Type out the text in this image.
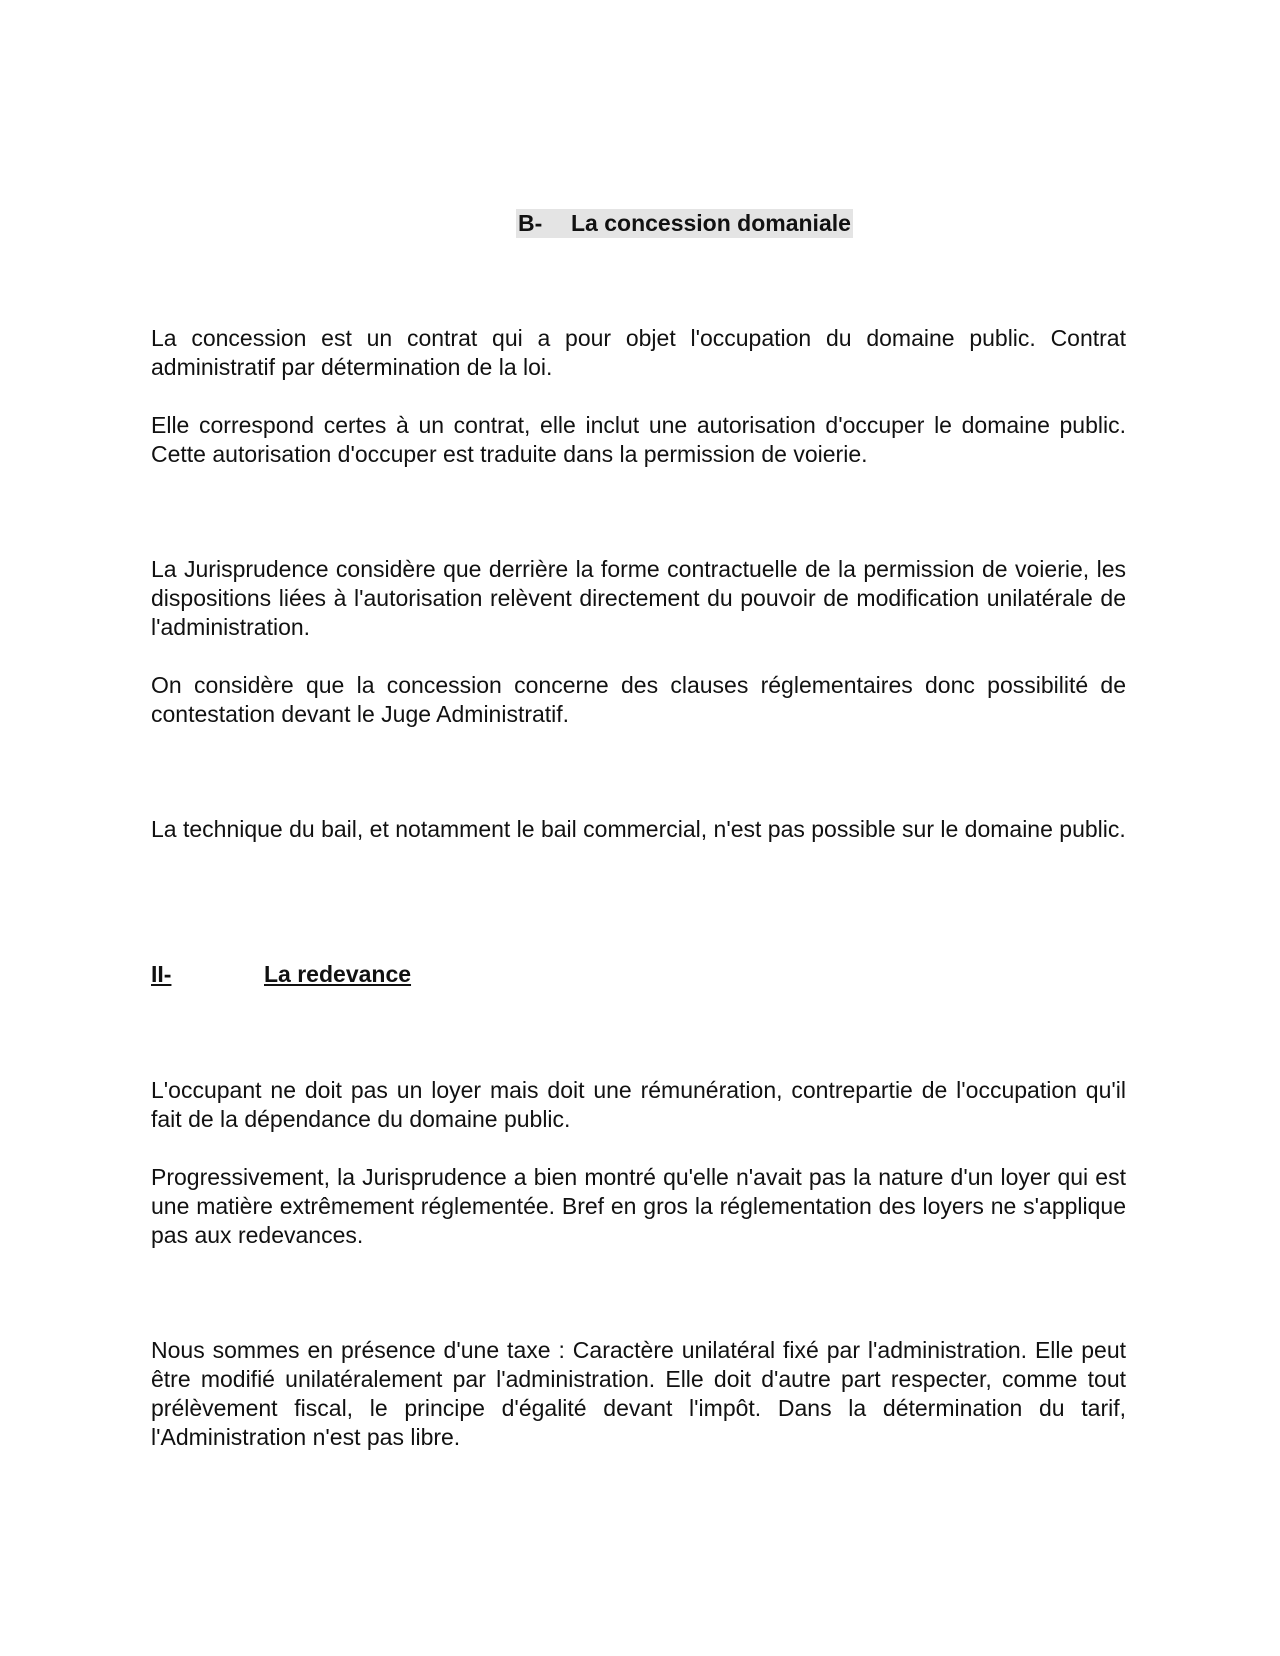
B- La concession domaniale

La concession est un contrat qui a pour objet l'occupation du domaine public. Contrat administratif par détermination de la loi.

Elle correspond certes à un contrat, elle inclut une autorisation d'occuper le domaine public. Cette autorisation d'occuper est traduite dans la permission de voierie.

La Jurisprudence considère que derrière la forme contractuelle de la permission de voierie, les dispositions liées à l'autorisation relèvent directement du pouvoir de modification unilatérale de l'administration.

On considère que la concession concerne des clauses réglementaires donc possibilité de contestation devant le Juge Administratif.

La technique du bail, et notamment le bail commercial, n'est pas possible sur le domaine public.

II-	La redevance

L'occupant ne doit pas un loyer mais doit une rémunération, contrepartie de l'occupation qu'il fait de la dépendance du domaine public.

Progressivement, la Jurisprudence a bien montré qu'elle n'avait pas la nature d'un loyer qui est une matière extrêmement réglementée. Bref en gros la réglementation des loyers ne s'applique pas aux redevances.

Nous sommes en présence d'une taxe : Caractère unilatéral fixé par l'administration. Elle peut être modifié unilatéralement par l'administration. Elle doit d'autre part respecter, comme tout prélèvement fiscal, le principe d'égalité devant l'impôt. Dans la détermination du tarif, l'Administration n'est pas libre.
